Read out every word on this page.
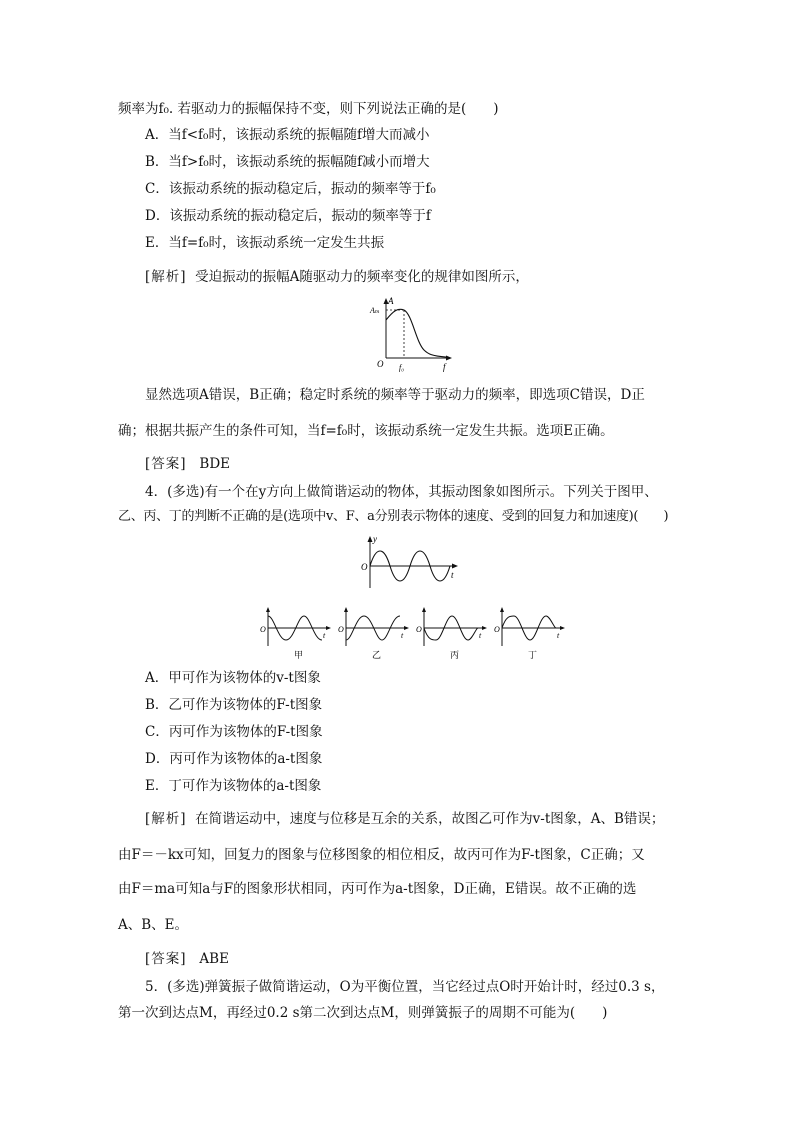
频率为f₀. 若驱动力的振幅保持不变，则下列说法正确的是(　　)
A．当f<f₀时，该振动系统的振幅随f增大而减小
B．当f>f₀时，该振动系统的振幅随f减小而增大
C．该振动系统的振动稳定后，振动的频率等于f₀
D．该振动系统的振动稳定后，振动的频率等于f
E．当f=f₀时，该振动系统一定发生共振
[解析] 受迫振动的振幅A随驱动力的频率变化的规律如图所示，
A
Aₘ
O f₀	f
显然选项A错误，B正确；稳定时系统的频率等于驱动力的频率，即选项C错误，D正
确；根据共振产生的条件可知，当f=f₀时，该振动系统一定发生共振。选项E正确。
[答案] BDE
4．(多选)有一个在y方向上做简谐运动的物体，其振动图象如图所示。下列关于图甲、
乙、丙、丁的判断不正确的是(选项中v、F、a分别表示物体的速度、受到的回复力和加速度)(　　)
y
O
t
O
t
甲
O
t
乙
O
t
丙
O
t
丁
A．甲可作为该物体的v-t图象
B．乙可作为该物体的F-t图象
C．丙可作为该物体的F-t图象
D．丙可作为该物体的a-t图象
E．丁可作为该物体的a-t图象
[解析] 在简谐运动中，速度与位移是互余的关系，故图乙可作为v-t图象，A、B错误；
由F＝－kx可知，回复力的图象与位移图象的相位相反，故丙可作为F-t图象，C正确；又
由F＝ma可知a与F的图象形状相同，丙可作为a-t图象，D正确，E错误。故不正确的选
A、B、E。
[答案] ABE
5．(多选)弹簧振子做简谐运动，O为平衡位置，当它经过点O时开始计时，经过0.3 s，
第一次到达点M，再经过0.2 s第二次到达点M，则弹簧振子的周期不可能为(　　)
